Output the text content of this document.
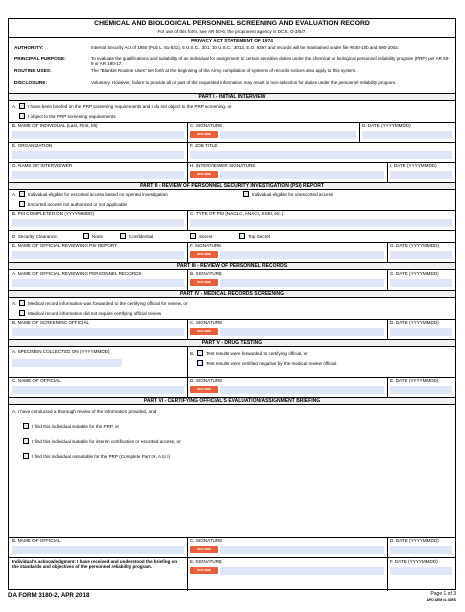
CHEMICAL AND BIOLOGICAL PERSONNEL SCREENING AND EVALUATION RECORD
For use of this form, see AR 50-6; the proponent agency is DCS, G-3/5/7.
PRIVACY ACT STATEMENT OF 1974
AUTHORITY:	Internal Security Act of 1950 (Pub L. 81-831), 5 U.S.C., 301, 10 U.S.C., 3013, E.O. 9397 and records will be maintained under file #640-10b and 690-200a.
PRINCIPAL PURPOSE:	To evaluate the qualifications and suitability of an individual for assignment to certain sensitive duties under the chemical or biological personnel reliability program (PRP) per AR 50-6 or AR 190-17.
ROUTINE USES:	The "Blanket Routine Uses" set forth at the beginning of the Army compilation of systems of records notices also apply to this system.
DISCLOSURE:	Voluntary. However, failure to provide all or part of the requested information may result in non-selection for duties under the personnel reliability program.
PART I - INITIAL INTERVIEW
A.	I have been briefed on the PRP screening requirements and I do not object to the PRP screening, or
I object to the PRP screening requirements
B. NAME OF INDIVIDUAL (Last, First, MI)	C. SIGNATURE
SIGN HERE
D. DATE (YYYYMMDD)
E. ORGANIZATION	F. JOB TITLE
G. NAME OF INTERVIEWER	H. INTERVIEWER SIGNATURE
SIGN HERE
I. DATE (YYYYMMDD)
PART II - REVIEW OF PERSONNEL SECURITY INVESTIGATION (PSI) REPORT
A.	Individual eligible for escorted access based on opened investigation	Individual eligible for unescorted access
Escorted access not authorized or not applicable
B. PSI COMPLETED ON (YYYYMMDD)	C. TYPE OF PSI (NACLC, ANACI, SSBI, etc.):
D. Security Clearance:	None	Confidential	Secret	Top Secret
E. NAME OF OFFICIAL REVIEWING PSI REPORT	F. SIGNATURE
SIGN HERE
G. DATE (YYYYMMDD)
PART III - REVIEW OF PERSONNEL RECORDS
A. NAME OF OFFICIAL REVIEWING PERSONNEL RECORDS	B. SIGNATURE
SIGN HERE
C. DATE (YYYYMMDD)
PART IV - MEDICAL RECORDS SCREENING
A.	Medical record information was forwarded to the certifying official for review, or
Medical record information did not require certifying official review
B. NAME OF SCREENING OFFICIAL	C. SIGNATURE
SIGN HERE
D. DATE (YYYYMMDD)
PART V - DRUG TESTING
A. SPECIMEN COLLECTED ON (YYYYMMDD)	B.	Test results were forwarded to certifying official, or
Test results were certified negative by the medical review official.
C. NAME OF OFFICIAL	D. SIGNATURE
SIGN HERE
E. DATE (YYYYMMDD)
PART VI - CERTIFYING OFFICIAL'S EVALUATION/ASSIGNMENT BRIEFING
A. I have conducted a thorough review of the information provided, and
I find this individual suitable for the PRP, or
I find this individual suitable for interim certification or escorted access, or
I find this individual unsuitable for the PRP (Complete Part IX, A to I)
B. NAME OF OFFICIAL	C. SIGNATURE
SIGN HERE
D. DATE (YYYYMMDD)
Individual's acknowledgment: I have received and understood the briefing on the standards and objectives of the personnel reliability program.
E. SIGNATURE
SIGN HERE
F. DATE (YYYYMMDD)
DA FORM 3180-2, APR 2018	Page 1 of 3
APD AEM v1.02ES
